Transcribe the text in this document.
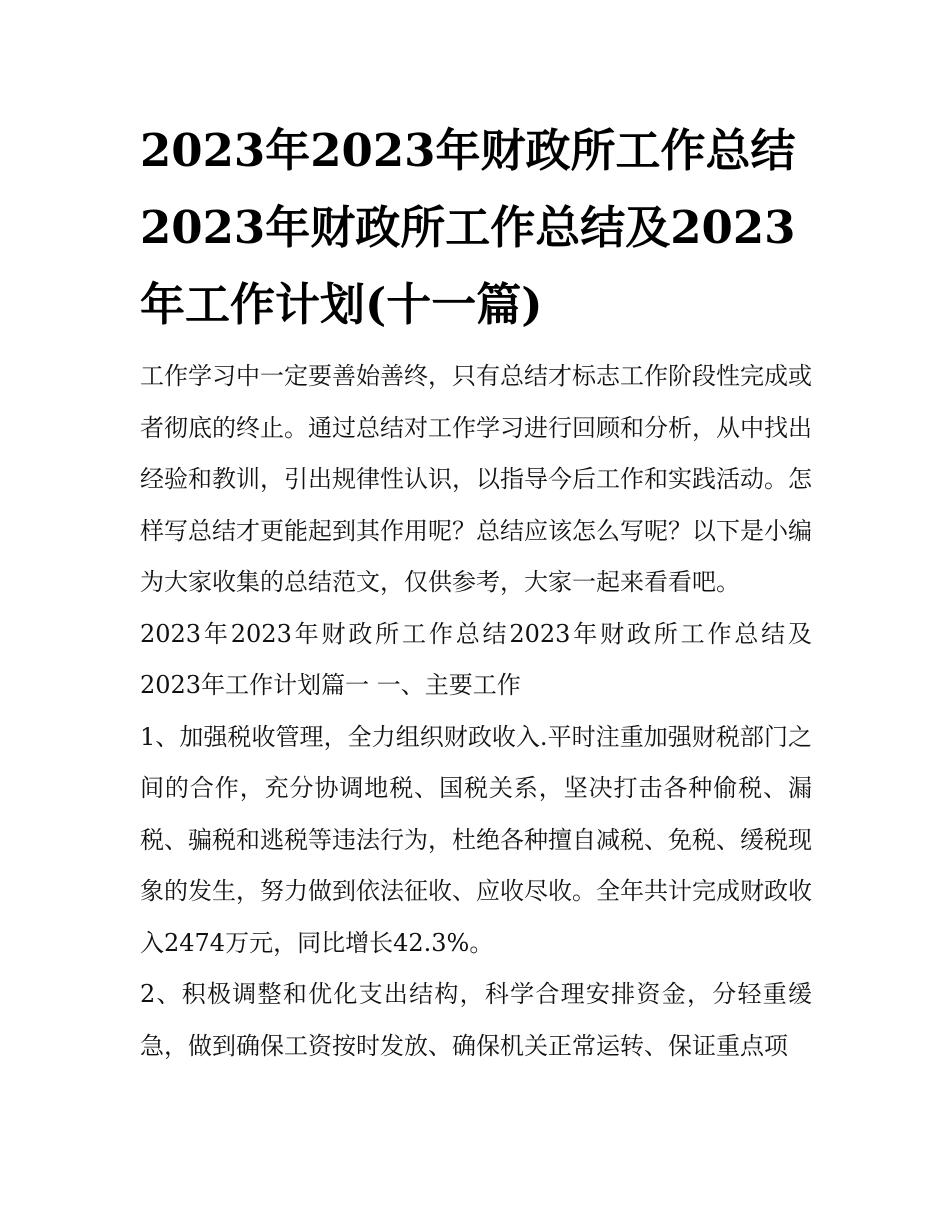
2023年2023年财政所工作总结2023年财政所工作总结及2023年工作计划(十一篇)

工作学习中一定要善始善终，只有总结才标志工作阶段性完成或者彻底的终止。通过总结对工作学习进行回顾和分析，从中找出经验和教训，引出规律性认识，以指导今后工作和实践活动。怎样写总结才更能起到其作用呢？总结应该怎么写呢？以下是小编为大家收集的总结范文，仅供参考，大家一起来看看吧。

2023年2023年财政所工作总结2023年财政所工作总结及2023年工作计划篇一 一、主要工作

1、加强税收管理，全力组织财政收入.平时注重加强财税部门之间的合作，充分协调地税、国税关系，坚决打击各种偷税、漏税、骗税和逃税等违法行为，杜绝各种擅自减税、免税、缓税现象的发生，努力做到依法征收、应收尽收。全年共计完成财政收入2474万元，同比增长42.3%。

2、积极调整和优化支出结构，科学合理安排资金，分轻重缓急，做到确保工资按时发放、确保机关正常运转、保证重点项
